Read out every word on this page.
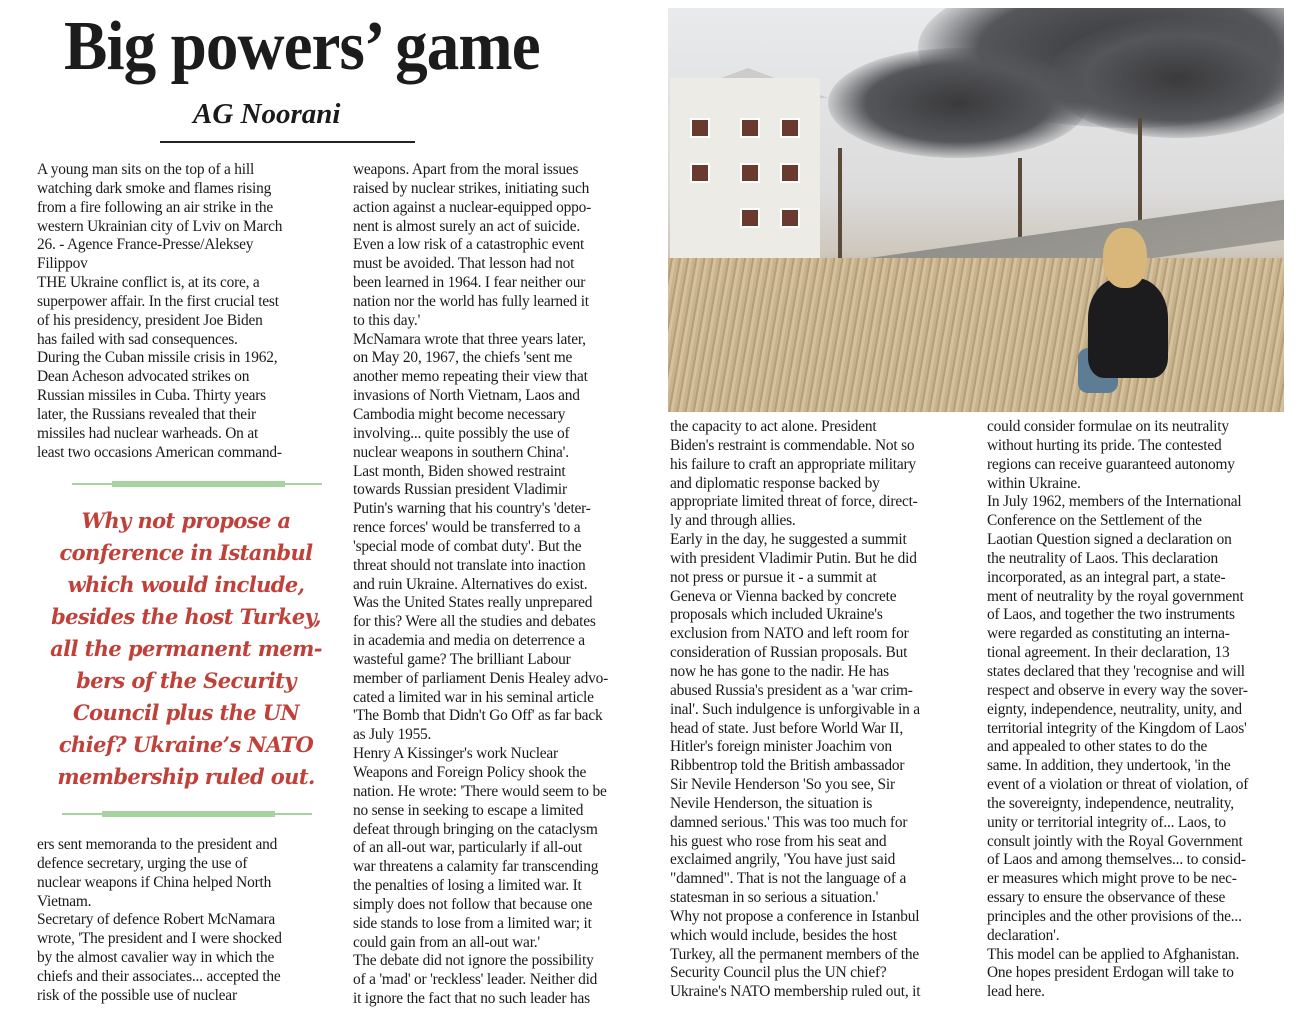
Big powers’ game
AG Noorani
A young man sits on the top of a hill
watching dark smoke and flames rising
from a fire following an air strike in the
western Ukrainian city of Lviv on March
26. - Agence France-Presse/Aleksey
Filippov
THE Ukraine conflict is, at its core, a
superpower affair. In the first crucial test
of his presidency, president Joe Biden
has failed with sad consequences.
During the Cuban missile crisis in 1962,
Dean Acheson advocated strikes on
Russian missiles in Cuba. Thirty years
later, the Russians revealed that their
missiles had nuclear warheads. On at
least two occasions American command-
Why not propose a
conference in Istanbul
which would include,
besides the host Turkey,
all the permanent mem-
bers of the Security
Council plus the UN
chief? Ukraine’s NATO
membership ruled out.
ers sent memoranda to the president and
defence secretary, urging the use of
nuclear weapons if China helped North
Vietnam.
Secretary of defence Robert McNamara
wrote, 'The president and I were shocked
by the almost cavalier way in which the
chiefs and their associates... accepted the
risk of the possible use of nuclear
weapons. Apart from the moral issues
raised by nuclear strikes, initiating such
action against a nuclear-equipped oppo-
nent is almost surely an act of suicide.
Even a low risk of a catastrophic event
must be avoided. That lesson had not
been learned in 1964. I fear neither our
nation nor the world has fully learned it
to this day.'
McNamara wrote that three years later,
on May 20, 1967, the chiefs 'sent me
another memo repeating their view that
invasions of North Vietnam, Laos and
Cambodia might become necessary
involving... quite possibly the use of
nuclear weapons in southern China'.
Last month, Biden showed restraint
towards Russian president Vladimir
Putin's warning that his country's 'deter-
rence forces' would be transferred to a
'special mode of combat duty'. But the
threat should not translate into inaction
and ruin Ukraine. Alternatives do exist.
Was the United States really unprepared
for this? Were all the studies and debates
in academia and media on deterrence a
wasteful game? The brilliant Labour
member of parliament Denis Healey advo-
cated a limited war in his seminal article
'The Bomb that Didn't Go Off' as far back
as July 1955.
Henry A Kissinger's work Nuclear
Weapons and Foreign Policy shook the
nation. He wrote: 'There would seem to be
no sense in seeking to escape a limited
defeat through bringing on the cataclysm
of an all-out war, particularly if all-out
war threatens a calamity far transcending
the penalties of losing a limited war. It
simply does not follow that because one
side stands to lose from a limited war; it
could gain from an all-out war.'
The debate did not ignore the possibility
of a 'mad' or 'reckless' leader. Neither did
it ignore the fact that no such leader has
the capacity to act alone. President
Biden's restraint is commendable. Not so
his failure to craft an appropriate military
and diplomatic response backed by
appropriate limited threat of force, direct-
ly and through allies.
Early in the day, he suggested a summit
with president Vladimir Putin. But he did
not press or pursue it - a summit at
Geneva or Vienna backed by concrete
proposals which included Ukraine's
exclusion from NATO and left room for
consideration of Russian proposals. But
now he has gone to the nadir. He has
abused Russia's president as a 'war crim-
inal'. Such indulgence is unforgivable in a
head of state. Just before World War II,
Hitler's foreign minister Joachim von
Ribbentrop told the British ambassador
Sir Nevile Henderson 'So you see, Sir
Nevile Henderson, the situation is
damned serious.' This was too much for
his guest who rose from his seat and
exclaimed angrily, 'You have just said
"damned". That is not the language of a
statesman in so serious a situation.'
Why not propose a conference in Istanbul
which would include, besides the host
Turkey, all the permanent members of the
Security Council plus the UN chief?
Ukraine's NATO membership ruled out, it
could consider formulae on its neutrality
without hurting its pride. The contested
regions can receive guaranteed autonomy
within Ukraine.
In July 1962, members of the International
Conference on the Settlement of the
Laotian Question signed a declaration on
the neutrality of Laos. This declaration
incorporated, as an integral part, a state-
ment of neutrality by the royal government
of Laos, and together the two instruments
were regarded as constituting an interna-
tional agreement. In their declaration, 13
states declared that they 'recognise and will
respect and observe in every way the sover-
eignty, independence, neutrality, unity, and
territorial integrity of the Kingdom of Laos'
and appealed to other states to do the
same. In addition, they undertook, 'in the
event of a violation or threat of violation, of
the sovereignty, independence, neutrality,
unity or territorial integrity of... Laos, to
consult jointly with the Royal Government
of Laos and among themselves... to consid-
er measures which might prove to be nec-
essary to ensure the observance of these
principles and the other provisions of the...
declaration'.
This model can be applied to Afghanistan.
One hopes president Erdogan will take to
lead here.
